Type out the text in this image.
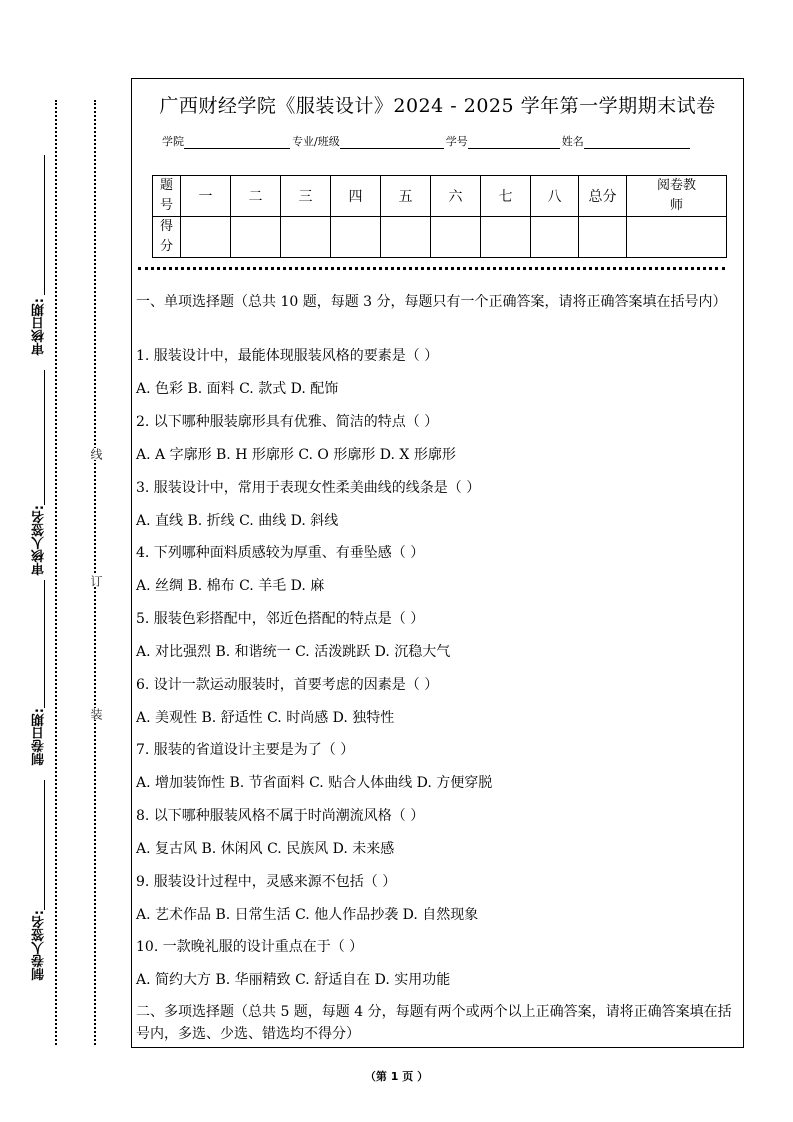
审核日期:
审核人签名:
制卷日期:
制卷人签名:
线
订
装
广西财经学院《服装设计》2024 - 2025 学年第一学期期末试卷
学院	专业/班级	学号	姓名
题号	一	二	三	四	五	六	七	八	总分	阅卷教师
得分										
一、单项选择题（总共 10 题，每题 3 分，每题只有一个正确答案，请将正确答案填在括号内）
1. 服装设计中，最能体现服装风格的要素是（ ）
A. 色彩 B. 面料 C. 款式 D. 配饰
2. 以下哪种服装廓形具有优雅、简洁的特点（ ）
A. A 字廓形 B. H 形廓形 C. O 形廓形 D. X 形廓形
3. 服装设计中，常用于表现女性柔美曲线的线条是（ ）
A. 直线 B. 折线 C. 曲线 D. 斜线
4. 下列哪种面料质感较为厚重、有垂坠感（ ）
A. 丝绸 B. 棉布 C. 羊毛 D. 麻
5. 服装色彩搭配中，邻近色搭配的特点是（ ）
A. 对比强烈 B. 和谐统一 C. 活泼跳跃 D. 沉稳大气
6. 设计一款运动服装时，首要考虑的因素是（ ）
A. 美观性 B. 舒适性 C. 时尚感 D. 独特性
7. 服装的省道设计主要是为了（ ）
A. 增加装饰性 B. 节省面料 C. 贴合人体曲线 D. 方便穿脱
8. 以下哪种服装风格不属于时尚潮流风格（ ）
A. 复古风 B. 休闲风 C. 民族风 D. 未来感
9. 服装设计过程中，灵感来源不包括（ ）
A. 艺术作品 B. 日常生活 C. 他人作品抄袭 D. 自然现象
10. 一款晚礼服的设计重点在于（ ）
A. 简约大方 B. 华丽精致 C. 舒适自在 D. 实用功能
二、多项选择题（总共 5 题，每题 4 分，每题有两个或两个以上正确答案，请将正确答案填在括号内，多选、少选、错选均不得分）
（第 1 页 ）
